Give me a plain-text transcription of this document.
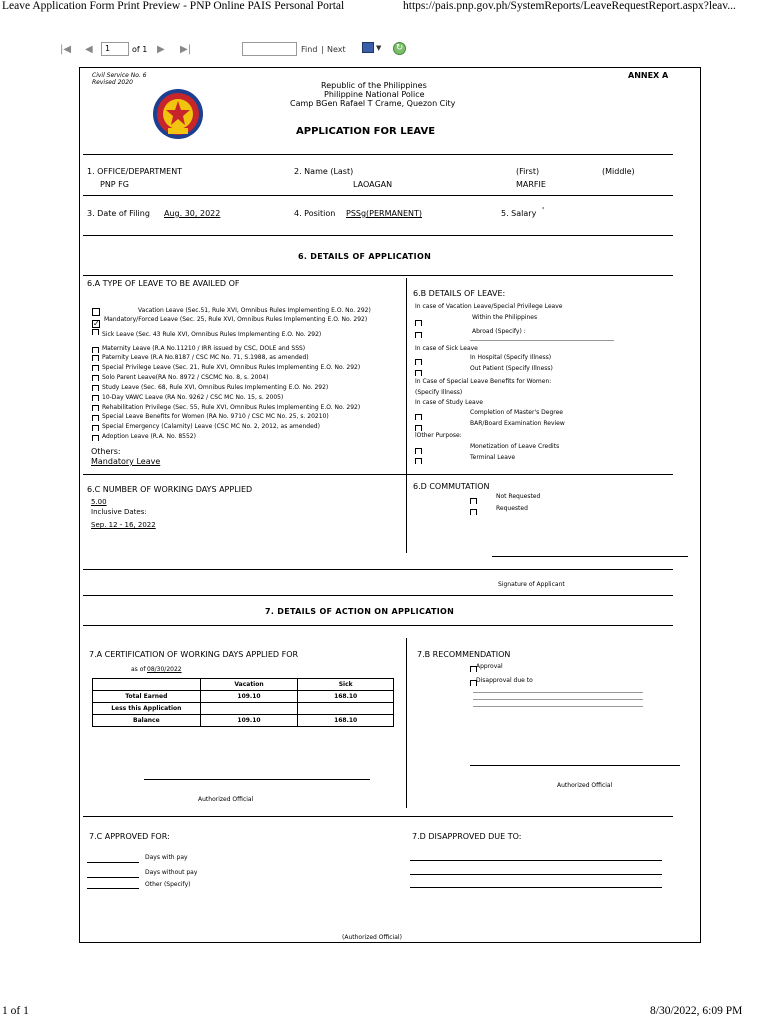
Leave Application Form Print Preview - PNP Online PAIS Personal Portal	https://pais.pnp.gov.ph/SystemReports/LeaveRequestReport.aspx?leav...
|◀ ◀	1	of 1 ▶ ▶|	Find | Next	▼	↻
Civil Service No. 6
Revised 2020
ANNEX A
Republic of the Philippines
Philippine National Police
Camp BGen Rafael T Crame, Quezon City
APPLICATION FOR LEAVE
1. OFFICE/DEPARTMENT
PNP FG
2. Name (Last)
LAOAGAN
(First)
MARFIE
(Middle)
3. Date of Filing Aug. 30, 2022	4. Position PSSg(PERMANENT)	5. Salary '
6. DETAILS OF APPLICATION
6.A TYPE OF LEAVE TO BE AVAILED OF
Vacation Leave (Sec.51, Rule XVI, Omnibus Rules Implementing E.O. No. 292)
✓ Mandatory/Forced Leave (Sec. 25, Rule XVI, Omnibus Rules Implementing E.O. No. 292)
Sick Leave (Sec. 43 Rule XVI, Omnibus Rules Implementing E.O. No. 292)
Maternity Leave (R.A No.11210 / IRR issued by CSC, DOLE and SSS)
Paternity Leave (R.A No.8187 / CSC MC No. 71, S.1988, as amended)
Special Privilege Leave (Sec. 21, Rule XVI, Omnibus Rules Implementing E.O. No. 292)
Solo Parent Leave(RA No. 8972 / CSCMC No. 8, s. 2004)
Study Leave (Sec. 68, Rule XVI, Omnibus Rules Implementing E.O. No. 292)
10-Day VAWC Leave (RA No. 9262 / CSC MC No. 15, s. 2005)
Rehabilitation Privilege (Sec. 55, Rule XVI, Omnibus Rules Implementing E.O. No. 292)
Special Leave Benefits for Women (RA No. 9710 / CSC MC No. 25, s. 20210)
Special Emergency (Calamity) Leave (CSC MC No. 2, 2012, as amended)
Adoption Leave (R.A. No. 8552)
Others:
Mandatory Leave
6.B DETAILS OF LEAVE:
In case of Vacation Leave/Special Privilege Leave
Within the Philippines
Abroad (Specify) :
In case of Sick Leave
In Hospital (Specify Illness)
Out Patient (Specify Illness)
In Case of Special Leave Benefits for Women:
(Specify Illness)
In case of Study Leave
Completion of Master's Degree
BAR/Board Examination Review
lOther Purpose:
Monetization of Leave Credits
Terminal Leave
6.C NUMBER OF WORKING DAYS APPLIED
5.00
Inclusive Dates:
Sep. 12 - 16, 2022
6.D COMMUTATION
Not Requested
Requested
Signature of Applicant
7. DETAILS OF ACTION ON APPLICATION
7.A CERTIFICATION OF WORKING DAYS APPLIED FOR
as of 08/30/2022
	Vacation	Sick
Total Earned	109.10	168.10
Less this Application		
Balance	109.10	168.10
Authorized Official
7.B RECOMMENDATION
Approval
Disapproval due to
Authorized Official
7.C APPROVED FOR:
Days with pay
Days without pay
Other (Specify)
7.D DISAPPROVED DUE TO:
(Authorized Official)
1 of 1	8/30/2022, 6:09 PM
